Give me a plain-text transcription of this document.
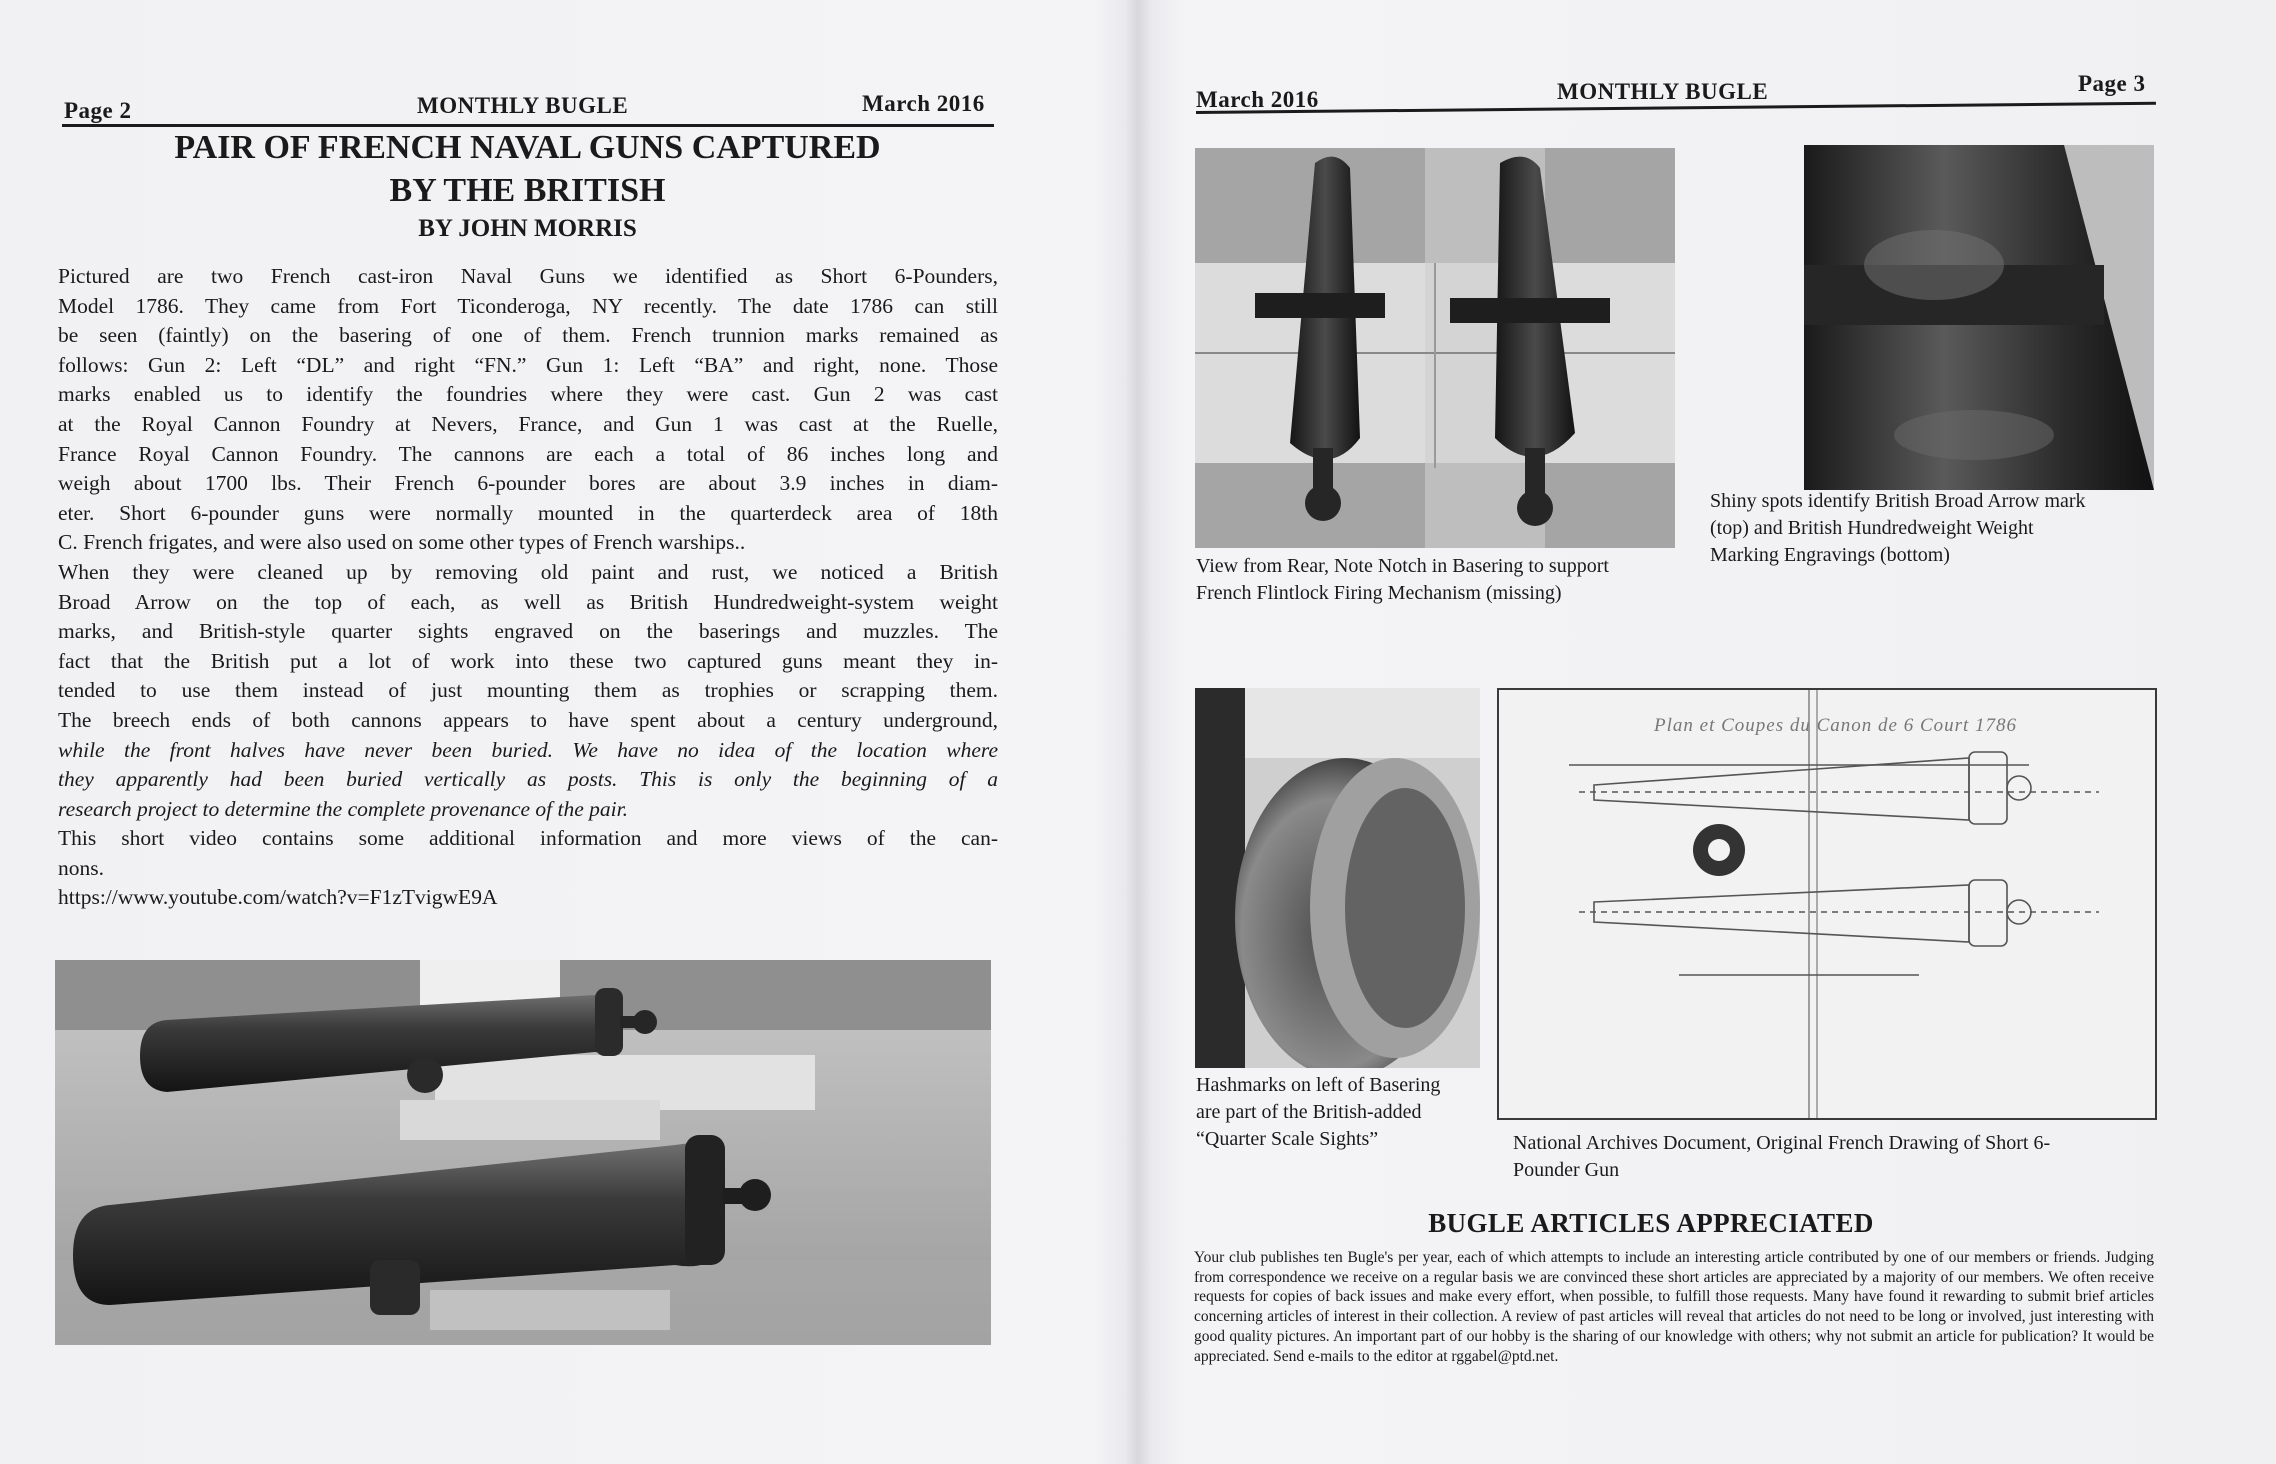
Page 2	MONTHLY BUGLE	March 2016
PAIR OF FRENCH NAVAL GUNS CAPTURED
BY THE BRITISH
BY JOHN MORRIS
Pictured are two French cast-iron Naval Guns we identified as Short 6-Pounders,
Model 1786. They came from Fort Ticonderoga, NY recently. The date 1786 can still
be seen (faintly) on the basering of one of them. French trunnion marks remained as
follows: Gun 2: Left “DL” and right “FN.” Gun 1: Left “BA” and right, none. Those
marks enabled us to identify the foundries where they were cast. Gun 2 was cast
at the Royal Cannon Foundry at Nevers, France, and Gun 1 was cast at the Ruelle,
France Royal Cannon Foundry. The cannons are each a total of 86 inches long and
weigh about 1700 lbs. Their French 6-pounder bores are about 3.9 inches in diam-
eter. Short 6-pounder guns were normally mounted in the quarterdeck area of 18th
C. French frigates, and were also used on some other types of French warships..
When they were cleaned up by removing old paint and rust, we noticed a British
Broad Arrow on the top of each, as well as British Hundredweight-system weight
marks, and British-style quarter sights engraved on the baserings and muzzles. The
fact that the British put a lot of work into these two captured guns meant they in-
tended to use them instead of just mounting them as trophies or scrapping them.
The breech ends of both cannons appears to have spent about a century underground,
while the front halves have never been buried. We have no idea of the location where
they apparently had been buried vertically as posts. This is only the beginning of a
research project to determine the complete provenance of the pair.
This short video contains some additional information and more views of the can-
nons.
https://www.youtube.com/watch?v=F1zTvigwE9A
March 2016	MONTHLY BUGLE	Page 3
View from Rear, Note Notch in Basering to support
French Flintlock Firing Mechanism (missing)
Shiny spots identify British Broad Arrow mark
(top) and British Hundredweight Weight
Marking Engravings (bottom)
Hashmarks on left of Basering
are part of the British-added
“Quarter Scale Sights”
Plan et Coupes du Canon de 6 Court 1786
National Archives Document, Original French Drawing of Short 6-
Pounder Gun
BUGLE ARTICLES APPRECIATED
Your club publishes ten Bugle's per year, each of which attempts to include an interesting article contributed by one of our members or friends. Judging from correspondence we receive on a regular basis we are convinced these short articles are appreciated by a majority of our members. We often receive requests for copies of back issues and make every effort, when possible, to fulfill those requests. Many have found it rewarding to submit brief articles concerning articles of interest in their collection. A review of past articles will reveal that articles do not need to be long or involved, just interesting with good quality pictures. An important part of our hobby is the sharing of our knowledge with others; why not submit an article for publication? It would be appreciated. Send e-mails to the editor at rggabel@ptd.net.
